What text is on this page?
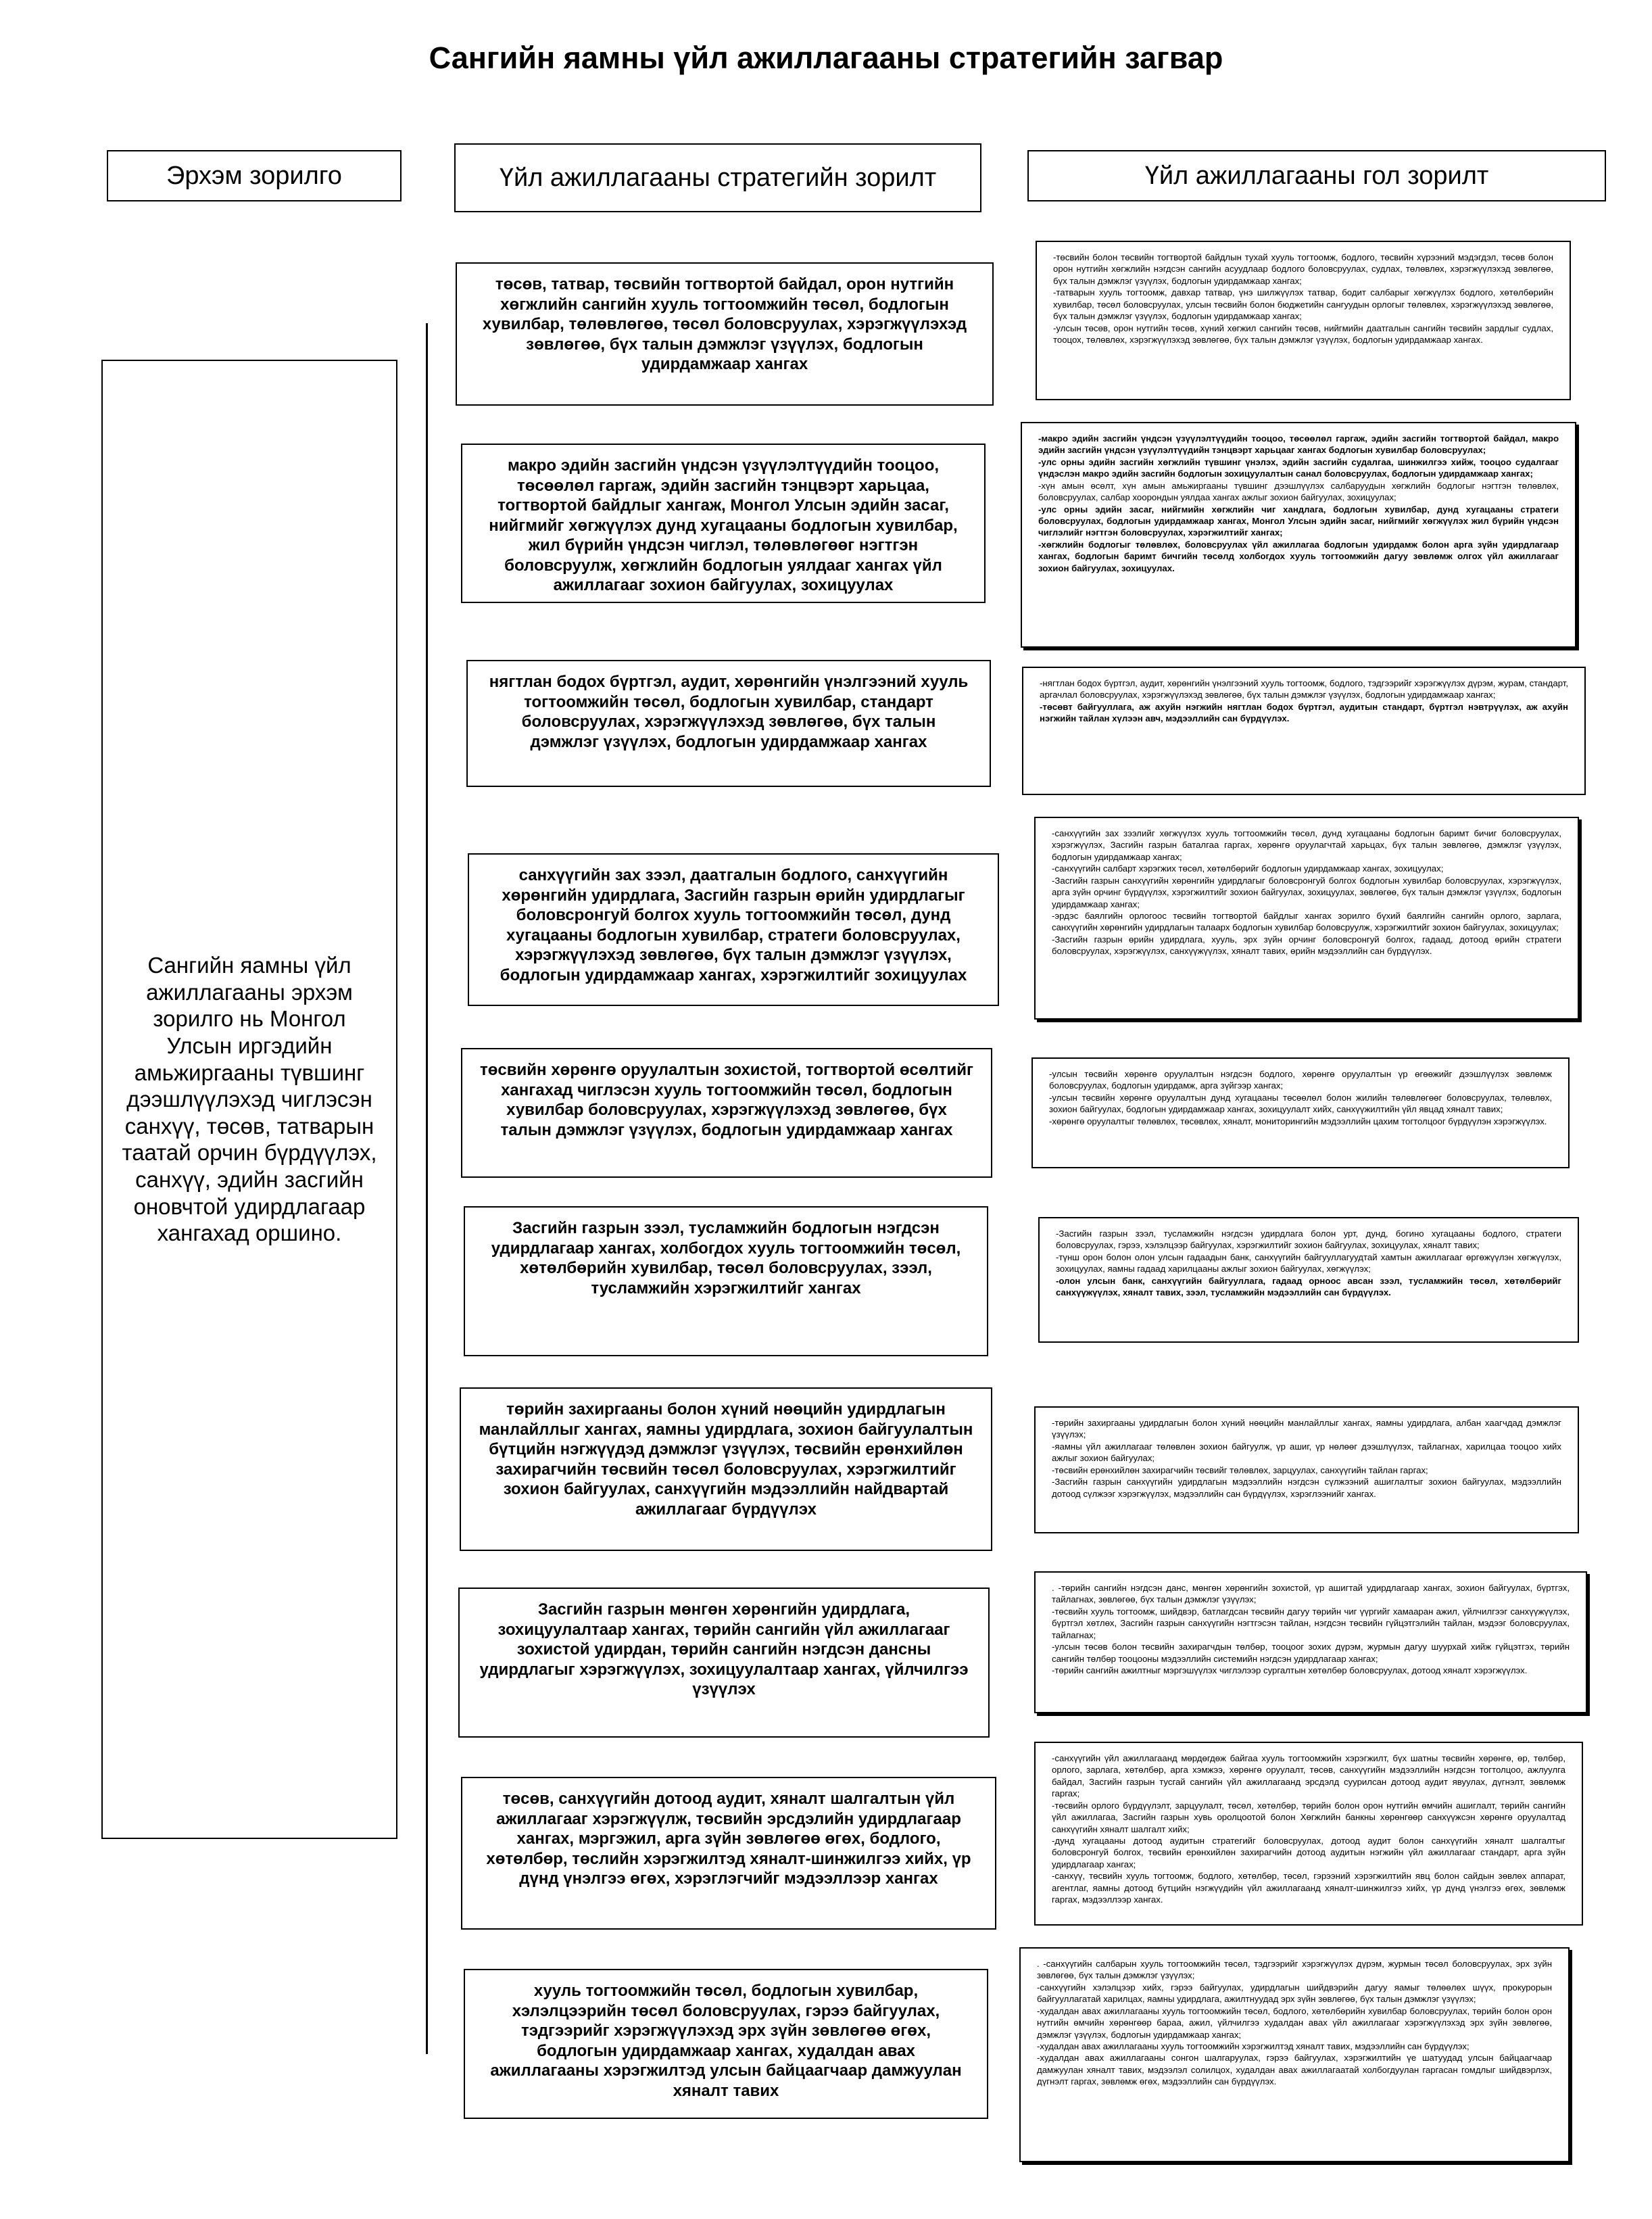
Сангийн яамны үйл ажиллагааны стратегийн загвар
Эрхэм зорилго	Үйл ажиллагааны стратегийн зорилт	Үйл ажиллагааны гол зорилт
Сангийн яамны үйл ажиллагааны эрхэм зорилго нь Монгол Улсын иргэдийн амьжиргааны түвшинг дээшлүүлэхэд чиглэсэн санхүү, төсөв, татварын таатай орчин бүрдүүлэх, санхүү, эдийн засгийн оновчтой удирдлагаар хангахад оршино.
төсөв, татвар, төсвийн тогтвортой байдал, орон нутгийн хөгжлийн сангийн хууль тогтоомжийн төсөл, бодлогын хувилбар, төлөвлөгөө, төсөл боловсруулах, хэрэгжүүлэхэд зөвлөгөө, бүх талын дэмжлэг үзүүлэх, бодлогын удирдамжаар хангах
макро эдийн засгийн үндсэн үзүүлэлтүүдийн тооцоо, төсөөлөл гаргаж, эдийн засгийн тэнцвэрт харьцаа, тогтвортой байдлыг хангаж, Монгол Улсын эдийн засаг, нийгмийг хөгжүүлэх дунд хугацааны бодлогын хувилбар, жил бүрийн үндсэн чиглэл, төлөвлөгөөг нэгтгэн боловсруулж, хөгжлийн бодлогын уялдааг хангах үйл ажиллагааг зохион байгуулах, зохицуулах
нягтлан бодох бүртгэл, аудит, хөрөнгийн үнэлгээний хууль тогтоомжийн төсөл, бодлогын хувилбар, стандарт боловсруулах, хэрэгжүүлэхэд зөвлөгөө, бүх талын дэмжлэг үзүүлэх, бодлогын удирдамжаар хангах
санхүүгийн зах зээл, даатгалын бодлого, санхүүгийн хөрөнгийн удирдлага, Засгийн газрын өрийн удирдлагыг боловсронгуй болгох хууль тогтоомжийн төсөл, дунд хугацааны бодлогын хувилбар, стратеги боловсруулах, хэрэгжүүлэхэд зөвлөгөө, бүх талын дэмжлэг үзүүлэх, бодлогын удирдамжаар хангах, хэрэгжилтийг зохицуулах
төсвийн хөрөнгө оруулалтын зохистой, тогтвортой өсөлтийг хангахад чиглэсэн хууль тогтоомжийн төсөл, бодлогын хувилбар боловсруулах, хэрэгжүүлэхэд зөвлөгөө, бүх талын дэмжлэг үзүүлэх, бодлогын удирдамжаар хангах
Засгийн газрын зээл, тусламжийн бодлогын нэгдсэн удирдлагаар хангах, холбогдох хууль тогтоомжийн төсөл, хөтөлбөрийн хувилбар, төсөл боловсруулах, зээл, тусламжийн хэрэгжилтийг хангах
төрийн захиргааны болон хүний нөөцийн удирдлагын манлайллыг хангах, яамны удирдлага, зохион байгуулалтын бүтцийн нэгжүүдэд дэмжлэг үзүүлэх, төсвийн ерөнхийлөн захирагчийн төсвийн төсөл боловсруулах, хэрэгжилтийг зохион байгуулах, санхүүгийн мэдээллийн найдвартай ажиллагааг бүрдүүлэх
Засгийн газрын мөнгөн хөрөнгийн удирдлага, зохицуулалтаар хангах, төрийн сангийн үйл ажиллагааг зохистой удирдан, төрийн сангийн нэгдсэн дансны удирдлагыг хэрэгжүүлэх, зохицуулалтаар хангах, үйлчилгээ үзүүлэх
төсөв, санхүүгийн дотоод аудит, хяналт шалгалтын үйл ажиллагааг хэрэгжүүлж, төсвийн эрсдэлийн удирдлагаар хангах, мэргэжил, арга зүйн зөвлөгөө өгөх, бодлого, хөтөлбөр, төслийн хэрэгжилтэд хяналт-шинжилгээ хийх, үр дүнд үнэлгээ өгөх, хэрэглэгчийг мэдээллээр хангах
хууль тогтоомжийн төсөл, бодлогын хувилбар, хэлэлцээрийн төсөл боловсруулах, гэрээ байгуулах, тэдгээрийг хэрэгжүүлэхэд эрх зүйн зөвлөгөө өгөх, бодлогын удирдамжаар хангах, худалдан авах ажиллагааны хэрэгжилтэд улсын байцаагчаар дамжуулан хяналт тавих
-төсвийн болон төсвийн тогтвортой байдлын тухай хууль тогтоомж, бодлого, төсвийн хүрээний мэдэгдэл, төсөв болон орон нутгийн хөгжлийн нэгдсэн сангийн асуудлаар бодлого боловсруулах, судлах, төлөвлөх, хэрэгжүүлэхэд зөвлөгөө, бүх талын дэмжлэг үзүүлэх, бодлогын удирдамжаар хангах;
-татварын хууль тогтоомж, давхар татвар, үнэ шилжүүлэх татвар, бодит салбарыг хөгжүүлэх бодлого, хөтөлбөрийн хувилбар, төсөл боловсруулах, улсын төсвийн болон бюджетийн сангуудын орлогыг төлөвлөх, хэрэгжүүлэхэд зөвлөгөө, бүх талын дэмжлэг үзүүлэх, бодлогын удирдамжаар хангах;
-улсын төсөв, орон нутгийн төсөв, хүний хөгжил сангийн төсөв, нийгмийн даатгалын сангийн төсвийн зардлыг судлах, тооцох, төлөвлөх, хэрэгжүүлэхэд зөвлөгөө, бүх талын дэмжлэг үзүүлэх, бодлогын удирдамжаар хангах.
-макро эдийн засгийн үндсэн үзүүлэлтүүдийн тооцоо, төсөөлөл гаргаж, эдийн засгийн тогтвортой байдал, макро эдийн засгийн үндсэн үзүүлэлтүүдийн тэнцвэрт харьцааг хангах бодлогын хувилбар боловсруулах;
-улс орны эдийн засгийн хөгжлийн түвшинг үнэлэх, эдийн засгийн судалгаа, шинжилгээ хийж, тооцоо судалгааг үндэслэн макро эдийн засгийн бодлогын зохицуулалтын санал боловсруулах, бодлогын удирдамжаар хангах;
-хүн амын өсөлт, хүн амын амьжиргааны түвшинг дээшлүүлэх салбаруудын хөгжлийн бодлогыг нэгтгэн төлөвлөх, боловсруулах, салбар хоорондын уялдаа хангах ажлыг зохион байгуулах, зохицуулах;
-улс орны эдийн засаг, нийгмийн хөгжлийн чиг хандлага, бодлогын хувилбар, дунд хугацааны стратеги боловсруулах, бодлогын удирдамжаар хангах, Монгол Улсын эдийн засаг, нийгмийг хөгжүүлэх жил бүрийн үндсэн чиглэлийг нэгтгэн боловсруулах, хэрэгжилтийг хангах;
-хөгжлийн бодлогыг төлөвлөх, боловсруулах үйл ажиллагаа бодлогын удирдамж болон арга зүйн удирдлагаар хангах, бодлогын баримт бичгийн төсөлд холбогдох хууль тогтоомжийн дагуу зөвлөмж олгох үйл ажиллагааг зохион байгуулах, зохицуулах.
-нягтлан бодох бүртгэл, аудит, хөрөнгийн үнэлгээний хууль тогтоомж, бодлого, тэдгээрийг хэрэгжүүлэх дүрэм, журам, стандарт, аргачлал боловсруулах, хэрэгжүүлэхэд зөвлөгөө, бүх талын дэмжлэг үзүүлэх, бодлогын удирдамжаар хангах;
-төсөвт байгууллага, аж ахуйн нэгжийн нягтлан бодох бүртгэл, аудитын стандарт, бүртгэл нэвтрүүлэх, аж ахуйн нэгжийн тайлан хүлээн авч, мэдээллийн сан бүрдүүлэх.
-санхүүгийн зах зээлийг хөгжүүлэх хууль тогтоомжийн төсөл, дунд хугацааны бодлогын баримт бичиг боловсруулах, хэрэгжүүлэх, Засгийн газрын баталгаа гаргах, хөрөнгө оруулагчтай харьцах, бүх талын зөвлөгөө, дэмжлэг үзүүлэх, бодлогын удирдамжаар хангах;
-санхүүгийн салбарт хэрэгжих төсөл, хөтөлбөрийг бодлогын удирдамжаар хангах, зохицуулах;
-Засгийн газрын санхүүгийн хөрөнгийн удирдлагыг боловсронгуй болгох бодлогын хувилбар боловсруулах, хэрэгжүүлэх, арга зүйн орчинг бүрдүүлэх, хэрэгжилтийг зохион байгуулах, зохицуулах, зөвлөгөө, бүх талын дэмжлэг үзүүлэх, бодлогын удирдамжаар хангах;
-эрдэс баялгийн орлогоос төсвийн тогтвортой байдлыг хангах зорилго бүхий баялгийн сангийн орлого, зарлага, санхүүгийн хөрөнгийн удирдлагын талаарх бодлогын хувилбар боловсруулж, хэрэгжилтийг зохион байгуулах, зохицуулах;
-Засгийн газрын өрийн удирдлага, хууль, эрх зүйн орчинг боловсронгуй болгох, гадаад, дотоод өрийн стратеги боловсруулах, хэрэгжүүлэх, санхүүжүүлэх, хяналт тавих, өрийн мэдээллийн сан бүрдүүлэх.
-улсын төсвийн хөрөнгө оруулалтын нэгдсэн бодлого, хөрөнгө оруулалтын үр өгөөжийг дээшлүүлэх зөвлөмж боловсруулах, бодлогын удирдамж, арга зүйгээр хангах;
-улсын төсвийн хөрөнгө оруулалтын дунд хугацааны төсөөлөл болон жилийн төлөвлөгөөг боловсруулах, төлөвлөх, зохион байгуулах, бодлогын удирдамжаар хангах, зохицуулалт хийх, санхүүжилтийн үйл явцад хяналт тавих;
-хөрөнгө оруулалтыг төлөвлөх, төсөвлөх, хяналт, мониторингийн мэдээллийн цахим тогтолцоог бүрдүүлэн хэрэгжүүлэх.
-Засгийн газрын зээл, тусламжийн нэгдсэн удирдлага болон урт, дунд, богино хугацааны бодлого, стратеги боловсруулах, гэрээ, хэлэлцээр байгуулах, хэрэгжилтийг зохион байгуулах, зохицуулах, хяналт тавих;
-түнш орон болон олон улсын гадаадын банк, санхүүгийн байгууллагуудтай хамтын ажиллагааг өргөжүүлэн хөгжүүлэх, зохицуулах, яамны гадаад харилцааны ажлыг зохион байгуулах, хөгжүүлэх;
-олон улсын банк, санхүүгийн байгууллага, гадаад орноос авсан зээл, тусламжийн төсөл, хөтөлбөрийг санхүүжүүлэх, хяналт тавих, зээл, тусламжийн мэдээллийн сан бүрдүүлэх.
-төрийн захиргааны удирдлагын болон хүний нөөцийн манлайллыг хангах, яамны удирдлага, албан хаагчдад дэмжлэг үзүүлэх;
-яамны үйл ажиллагааг төлөвлөн зохион байгуулж, үр ашиг, үр нөлөөг дээшлүүлэх, тайлагнах, харилцаа тооцоо хийх ажлыг зохион байгуулах;
-төсвийн ерөнхийлөн захирагчийн төсвийг төлөвлөх, зарцуулах, санхүүгийн тайлан гаргах;
-Засгийн газрын санхүүгийн удирдлагын мэдээллийн нэгдсэн сүлжээний ашиглалтыг зохион байгуулах, мэдээллийн дотоод сүлжээг хэрэгжүүлэх, мэдээллийн сан бүрдүүлэх, хэрэглээнийг хангах.
. -төрийн сангийн нэгдсэн данс, мөнгөн хөрөнгийн зохистой, үр ашигтай удирдлагаар хангах, зохион байгуулах, бүртгэх, тайлагнах, зөвлөгөө, бүх талын дэмжлэг үзүүлэх;
-төсвийн хууль тогтоомж, шийдвэр, батлагдсан төсвийн дагуу төрийн чиг үүргийг хамааран ажил, үйлчилгээг санхүүжүүлэх, бүртгэл хөтлөх, Засгийн газрын санхүүгийн нэгтгэсэн тайлан, нэгдсэн төсвийн гүйцэтгэлийн тайлан, мэдээг боловсруулах, тайлагнах;
-улсын төсөв болон төсвийн захирагчдын төлбөр, тооцоог зохих дүрэм, журмын дагуу шуурхай хийж гүйцэтгэх, төрийн сангийн төлбөр тооцооны мэдээллийн системийн нэгдсэн удирдлагаар хангах;
-төрийн сангийн ажилтныг мэргэшүүлэх чиглэлээр сургалтын хөтөлбөр боловсруулах, дотоод хяналт хэрэгжүүлэх.
-санхүүгийн үйл ажиллагаанд мөрдөгдөж байгаа хууль тогтоомжийн хэрэгжилт, бүх шатны төсвийн хөрөнгө, өр, төлбөр, орлого, зарлага, хөтөлбөр, арга хэмжээ, хөрөнгө оруулалт, төсөв, санхүүгийн мэдээллийн нэгдсэн тогтолцоо, ажлуулга байдал, Засгийн газрын тусгай сангийн үйл ажиллагаанд эрсдэлд суурилсан дотоод аудит явуулах, дүгнэлт, зөвлөмж гаргах;
-төсвийн орлого бүрдүүлэлт, зарцуулалт, төсөл, хөтөлбөр, төрийн болон орон нутгийн өмчийн ашиглалт, төрийн сангийн үйл ажиллагаа, Засгийн газрын хувь оролцоотой болон Хөгжлийн банкны хөрөнгөөр санхүүжсэн хөрөнгө оруулалтад санхүүгийн хяналт шалгалт хийх;
-дунд хугацааны дотоод аудитын стратегийг боловсруулах, дотоод аудит болон санхүүгийн хяналт шалгалтыг боловсронгуй болгох, төсвийн ерөнхийлөн захирагчийн дотоод аудитын нэгжийн үйл ажиллагааг стандарт, арга зүйн удирдлагаар хангах;
-санхүү, төсвийн хууль тогтоомж, бодлого, хөтөлбөр, төсөл, гэрээний хэрэгжилтийн явц болон сайдын зөвлөх аппарат, агентлаг, яамны дотоод бүтцийн нэгжүүдийн үйл ажиллагаанд хяналт-шинжилгээ хийх, үр дүнд үнэлгээ өгөх, зөвлөмж гаргах, мэдээллээр хангах.
. -санхүүгийн салбарын хууль тогтоомжийн төсөл, тэдгээрийг хэрэгжүүлэх дүрэм, журмын төсөл боловсруулах, эрх зүйн зөвлөгөө, бүх талын дэмжлэг үзүүлэх;
-санхүүгийн хэлэлцээр хийх, гэрээ байгуулах, удирдлагын шийдвэрийн дагуу яамыг төлөөлөх шүүх, прокурорын байгууллагатай харилцах, яамны удирдлага, ажилтнуудад эрх зүйн зөвлөгөө, бүх талын дэмжлэг үзүүлэх;
-худалдан авах ажиллагааны хууль тогтоомжийн төсөл, бодлого, хөтөлбөрийн хувилбар боловсруулах, төрийн болон орон нутгийн өмчийн хөрөнгөөр бараа, ажил, үйлчилгээ худалдан авах үйл ажиллагааг хэрэгжүүлэхэд эрх зүйн зөвлөгөө, дэмжлэг үзүүлэх, бодлогын удирдамжаар хангах;
-худалдан авах ажиллагааны хууль тогтоомжийн хэрэгжилтэд хяналт тавих, мэдээллийн сан бүрдүүлэх;
-худалдан авах ажиллагааны сонгон шалгаруулах, гэрээ байгуулах, хэрэгжилтийн үе шатуудад улсын байцаагчаар дамжуулан хяналт тавих, мэдээлэл солилцох, худалдан авах ажиллагаатай холбогдуулан гаргасан гомдлыг шийдвэрлэх, дүгнэлт гаргах, зөвлөмж өгөх, мэдээллийн сан бүрдүүлэх.
